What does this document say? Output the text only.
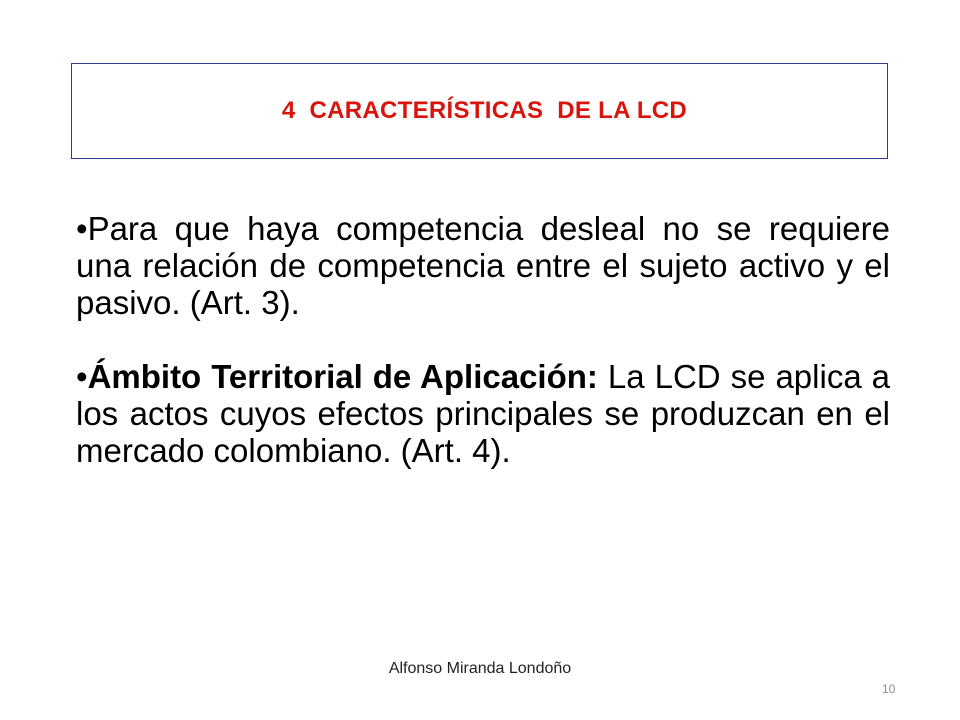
4  CARACTERÍSTICAS  DE LA LCD

•Para que haya competencia desleal no se requiere una relación de competencia entre el sujeto activo y el pasivo. (Art. 3).

•Ámbito Territorial de Aplicación: La LCD se aplica a los actos cuyos efectos principales se produzcan en el mercado colombiano. (Art. 4).

Alfonso Miranda Londoño
10
